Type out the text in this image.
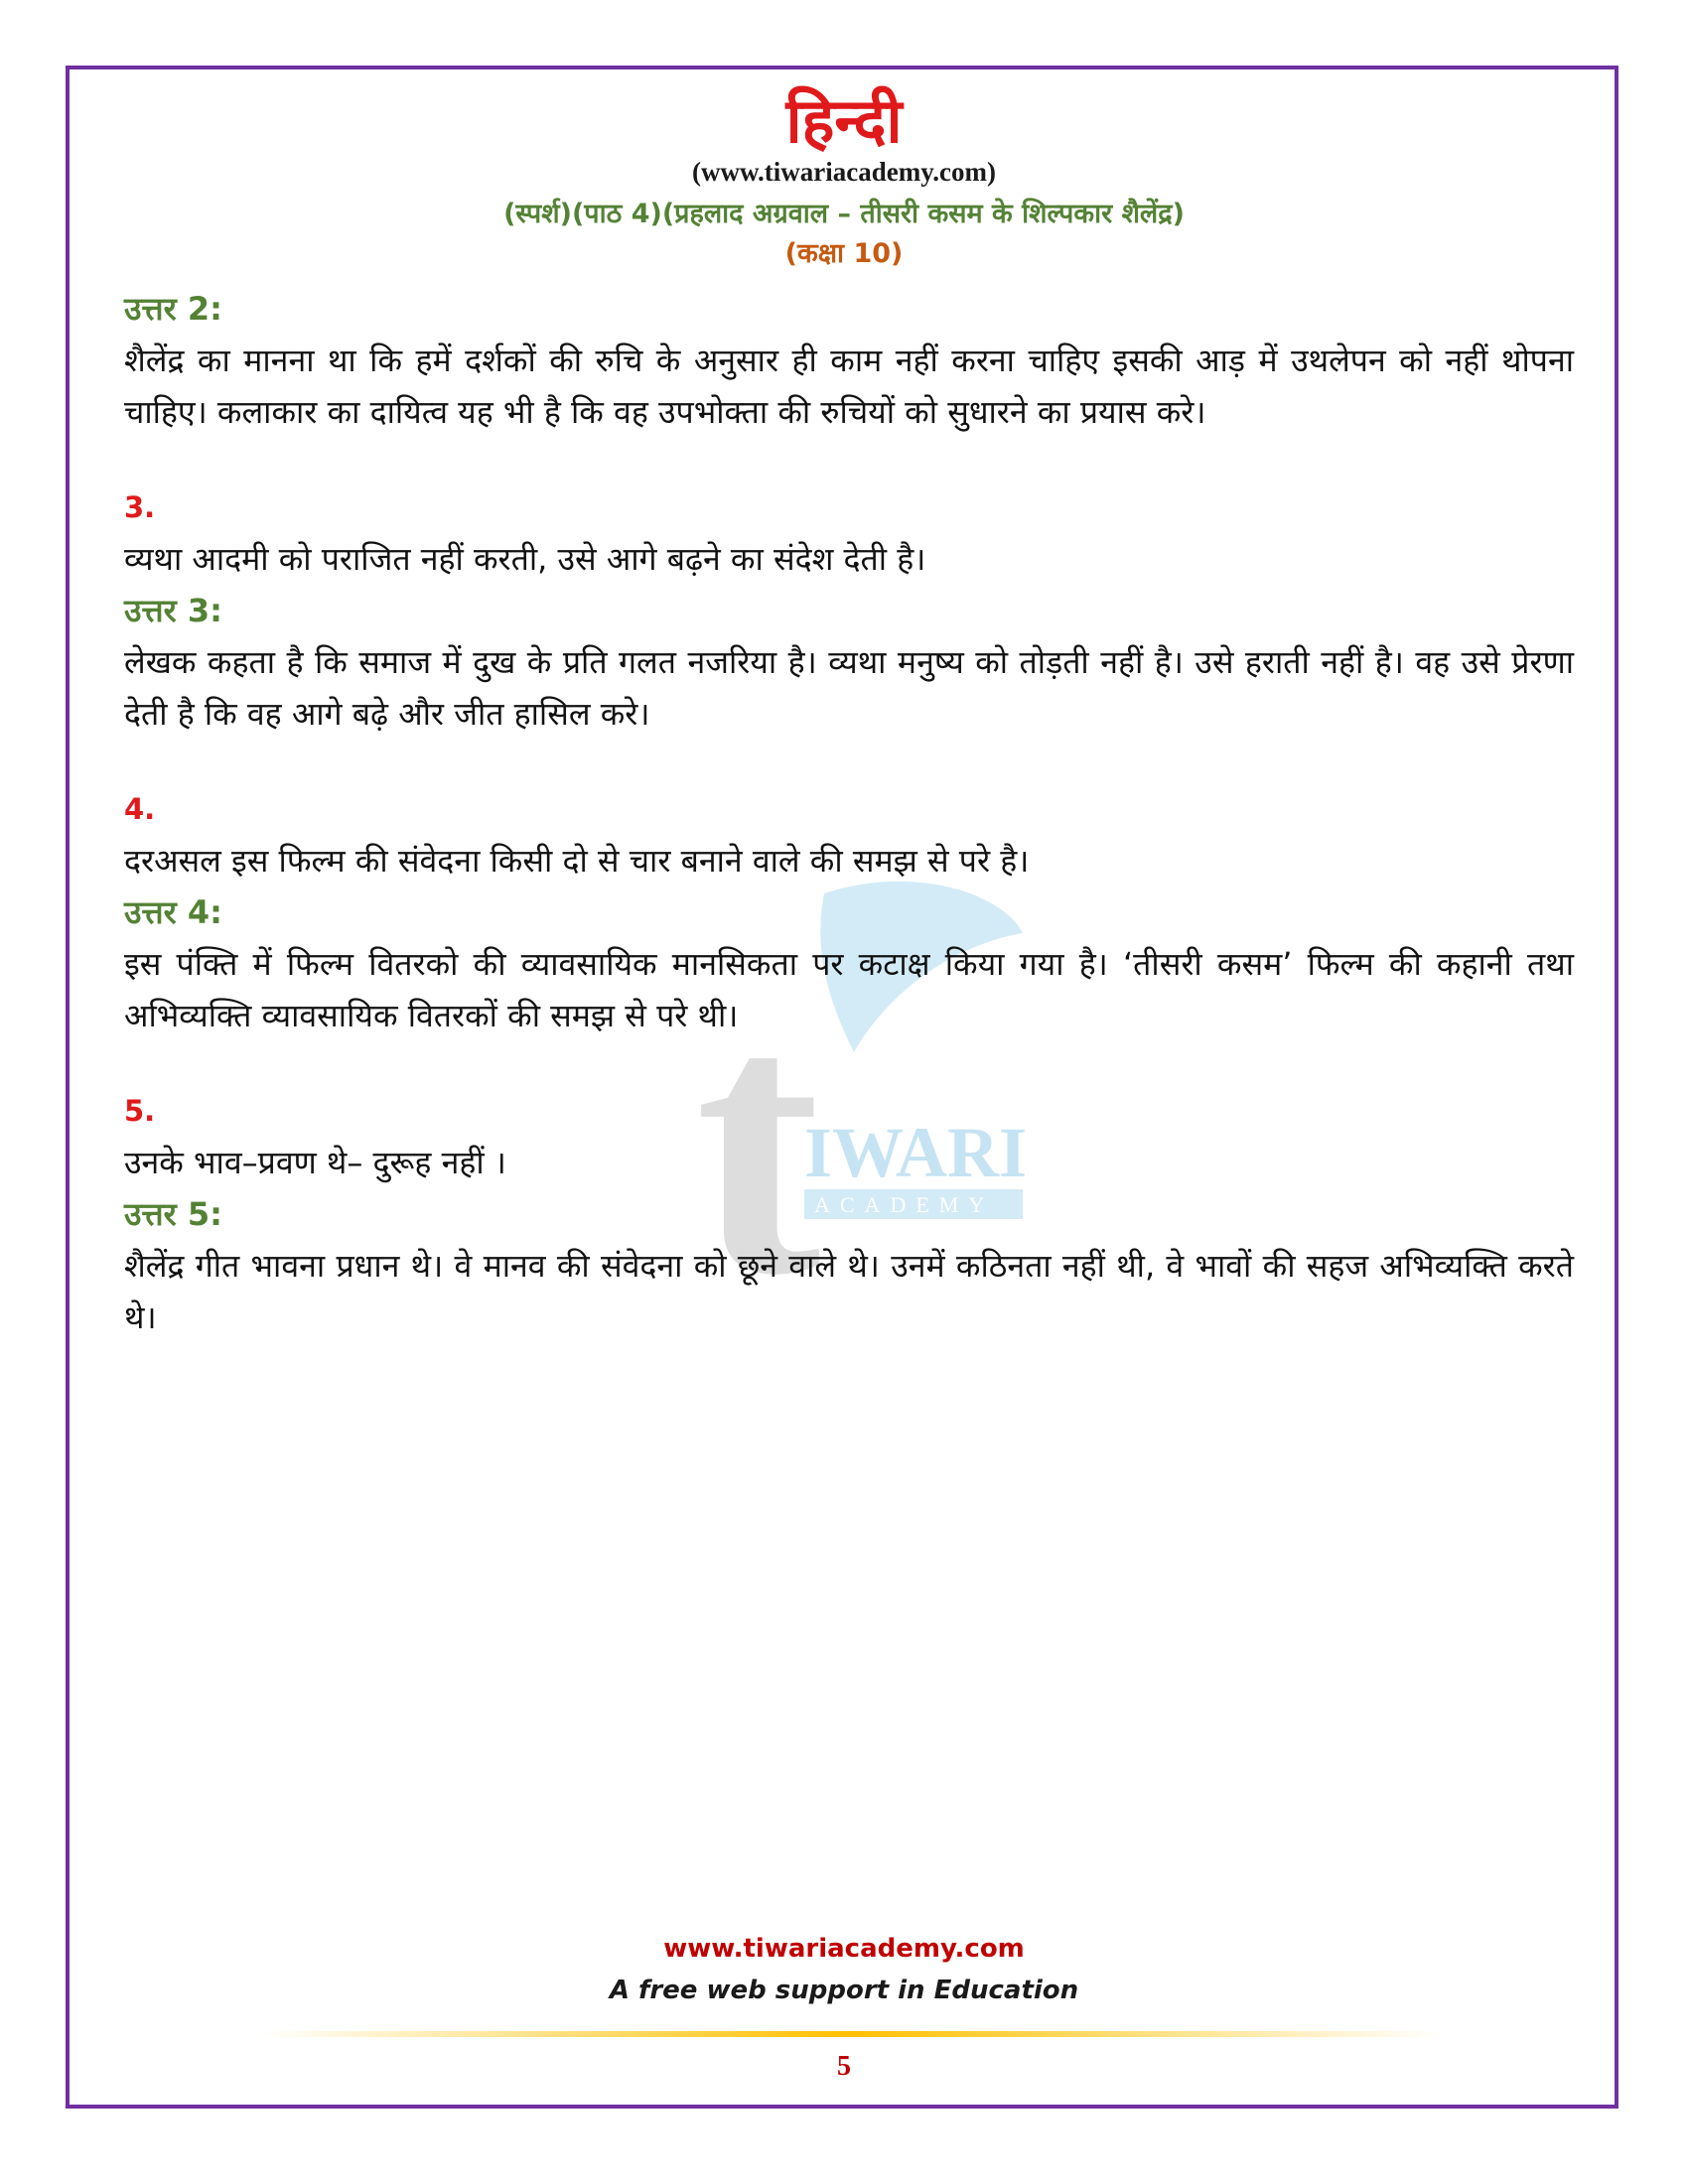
हिन्दी
(www.tiwariacademy.com)
(स्पर्श)(पाठ 4)(प्रहलाद अग्रवाल – तीसरी कसम के शिल्पकार शैलेंद्र)
(कक्षा 10)
t
IWARI
ACADEMY
उत्तर 2:
शैलेंद्र का मानना था कि हमें दर्शकों की रुचि के अनुसार ही काम नहीं करना चाहिए इसकी आड़ में उथलेपन को नहीं थोपना चाहिए। कलाकार का दायित्व यह भी है कि वह उपभोक्ता की रुचियों को सुधारने का प्रयास करे।
3.
व्यथा आदमी को पराजित नहीं करती, उसे आगे बढ़ने का संदेश देती है।
उत्तर 3:
लेखक कहता है कि समाज में दुख के प्रति गलत नजरिया है। व्यथा मनुष्य को तोड़ती नहीं है। उसे हराती नहीं है। वह उसे प्रेरणा देती है कि वह आगे बढ़े और जीत हासिल करे।
4.
दरअसल इस फिल्म की संवेदना किसी दो से चार बनाने वाले की समझ से परे है।
उत्तर 4:
इस पंक्ति में फिल्म वितरको की व्यावसायिक मानसिकता पर कटाक्ष किया गया है। ‘तीसरी कसम’ फिल्म की कहानी तथा अभिव्यक्ति व्यावसायिक वितरकों की समझ से परे थी।
5.
उनके भाव–प्रवण थे– दुरूह नहीं ।
उत्तर 5:
शैलेंद्र गीत भावना प्रधान थे। वे मानव की संवेदना को छूने वाले थे। उनमें कठिनता नहीं थी, वे भावों की सहज अभिव्यक्ति करते थे।
www.tiwariacademy.com
A free web support in Education
5
